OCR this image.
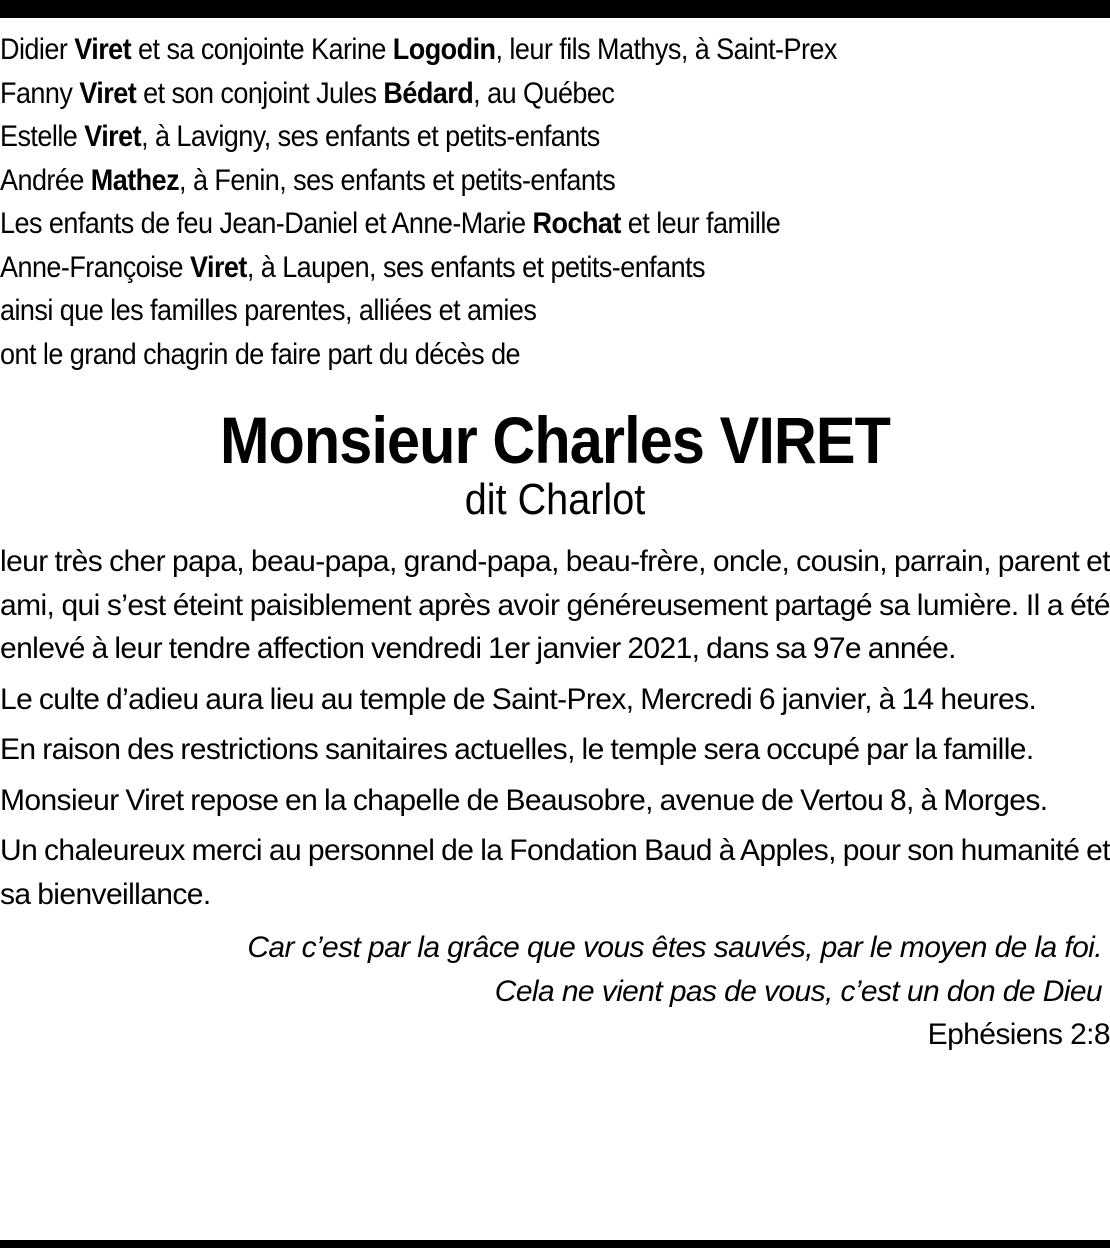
Didier Viret et sa conjointe Karine Logodin, leur fils Mathys, à Saint-Prex
Fanny Viret et son conjoint Jules Bédard, au Québec
Estelle Viret, à Lavigny, ses enfants et petits-enfants
Andrée Mathez, à Fenin, ses enfants et petits-enfants
Les enfants de feu Jean-Daniel et Anne-Marie Rochat et leur famille
Anne-Françoise Viret, à Laupen, ses enfants et petits-enfants
ainsi que les familles parentes, alliées et amies
ont le grand chagrin de faire part du décès de
Monsieur Charles VIRET
dit Charlot

leur très cher papa, beau-papa, grand-papa, beau-frère, oncle, cousin, parrain, parent et ami, qui s’est éteint paisiblement après avoir généreusement partagé sa lumière. Il a été enlevé à leur tendre affection vendredi 1er janvier 2021, dans sa 97e année.

Le culte d’adieu aura lieu au temple de Saint-Prex, Mercredi 6 janvier, à 14 heures.

En raison des restrictions sanitaires actuelles, le temple sera occupé par la famille.

Monsieur Viret repose en la chapelle de Beausobre, avenue de Vertou 8, à Morges.

Un chaleureux merci au personnel de la Fondation Baud à Apples, pour son humanité et sa bienveillance.

Car c’est par la grâce que vous êtes sauvés, par le moyen de la foi.
Cela ne vient pas de vous, c’est un don de Dieu
Ephésiens 2:8
